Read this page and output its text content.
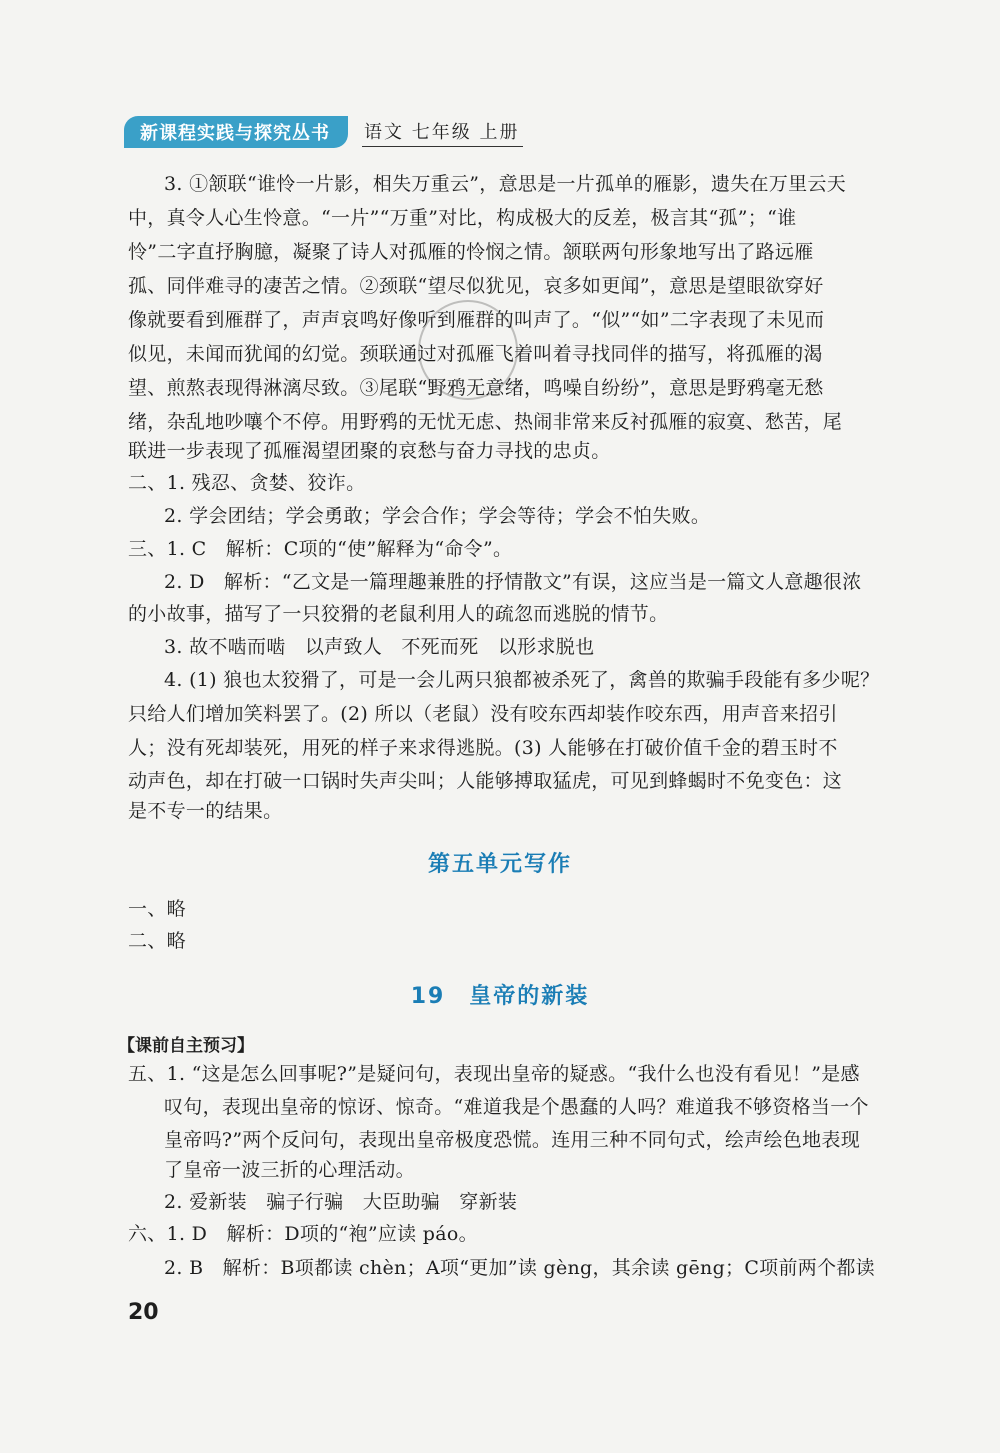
新课程实践与探究丛书	语文 七年级 上册
3. ①颔联“谁怜一片影，相失万重云”，意思是一片孤单的雁影，遗失在万里云天
中，真令人心生怜意。“一片”“万重”对比，构成极大的反差，极言其“孤”；“谁
怜”二字直抒胸臆，凝聚了诗人对孤雁的怜悯之情。颔联两句形象地写出了路远雁
孤、同伴难寻的凄苦之情。②颈联“望尽似犹见，哀多如更闻”，意思是望眼欲穿好
像就要看到雁群了，声声哀鸣好像听到雁群的叫声了。“似”“如”二字表现了未见而
似见，未闻而犹闻的幻觉。颈联通过对孤雁飞着叫着寻找同伴的描写，将孤雁的渴
望、煎熬表现得淋漓尽致。③尾联“野鸦无意绪，鸣噪自纷纷”，意思是野鸦毫无愁
绪，杂乱地吵嚷个不停。用野鸦的无忧无虑、热闹非常来反衬孤雁的寂寞、愁苦，尾
联进一步表现了孤雁渴望团聚的哀愁与奋力寻找的忠贞。
二、1. 残忍、贪婪、狡诈。
2. 学会团结；学会勇敢；学会合作；学会等待；学会不怕失败。
三、1. C　解析：C项的“使”解释为“命令”。
2. D　解析：“乙文是一篇理趣兼胜的抒情散文”有误，这应当是一篇文人意趣很浓
的小故事，描写了一只狡猾的老鼠利用人的疏忽而逃脱的情节。
3. 故不啮而啮　以声致人　不死而死　以形求脱也
4. (1) 狼也太狡猾了，可是一会儿两只狼都被杀死了，禽兽的欺骗手段能有多少呢？
只给人们增加笑料罢了。(2) 所以（老鼠）没有咬东西却装作咬东西，用声音来招引
人；没有死却装死，用死的样子来求得逃脱。(3) 人能够在打破价值千金的碧玉时不
动声色，却在打破一口锅时失声尖叫；人能够搏取猛虎，可见到蜂蝎时不免变色：这
是不专一的结果。
第五单元写作
一、略
二、略
19　皇帝的新装
【课前自主预习】
五、1. “这是怎么回事呢?”是疑问句，表现出皇帝的疑惑。“我什么也没有看见！”是感
叹句，表现出皇帝的惊讶、惊奇。“难道我是个愚蠢的人吗？难道我不够资格当一个
皇帝吗?”两个反问句，表现出皇帝极度恐慌。连用三种不同句式，绘声绘色地表现
了皇帝一波三折的心理活动。
2. 爱新装　骗子行骗　大臣助骗　穿新装
六、1. D　解析：D项的“袍”应读 páo。
2. B　解析：B项都读 chèn；A项“更加”读 gèng，其余读 gēng；C项前两个都读
20
